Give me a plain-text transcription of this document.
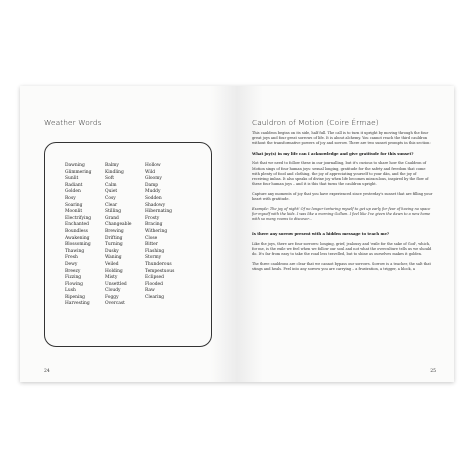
Weather Words
Dawning
Glimmering
Sunlit
Radiant
Golden
Rosy
Soaring
Moonlit
Electrifying
Enchanted
Boundless
Awakening
Blossoming
Thawing
Fresh
Dewy
Breezy
Fizzing
Flowing
Lush
Ripening
Harvesting
Balmy
Kindling
Soft
Calm
Quiet
Cosy
Clear
Stilling
Grand
Changeable
Brewing
Drifting
Turning
Dusky
Waning
Veiled
Holding
Misty
Unsettled
Cloudy
Foggy
Overcast
Hollow
Wild
Gloomy
Damp
Muddy
Sodden
Shadowy
Hibernating
Frosty
Bracing
Withering
Close
Bitter
Flashing
Stormy
Thunderous
Tempestuous
Eclipsed
Flooded
Raw
Clearing
24
Cauldron of Motion (Coire Érmae)

This cauldron begins on its side, half full. The call is to turn it upright by moving through the four great joys and four great sorrows of life. It is about alchemy. You cannot reach the third cauldron without the transformative powers of joy and sorrow. There are two sunset prompts in this section:

What joy(s) in my life can I acknowledge and give gratitude for this sunset?

Not that we need to follow these in our journalling, but it's curious to share how the Cauldron of Motion sings of four human joys: sexual longing, gratitude for the safety and freedom that come with plenty of food and clothing, the joy of appreciating yourself to your dān, and the joy of receiving imbas. It also speaks of divine joy when life becomes miraculous, inspired by the flow of these four human joys – and it is this that turns the cauldron upright.

Capture any moments of joy that you have experienced since yesterday's sunset that are filling your heart with gratitude.

Example: The joy of night! Of no longer torturing myself to get up early for fear of having no space for myself with the kids. I was like a morning Gollum. I feel like I've given the dawn to a new home with so many rooms to discover...

Is there any sorrow present with a hidden message to teach me?

Like the joys, there are four sorrows: longing, grief, jealousy and 'exile for the sake of God', which, for me, is the exile we feel when we follow our soul and not what the overculture tells us we should do. It's far from easy to take the road less travelled, but to shine as ourselves makes it golden.

The three cauldrons are clear that we cannot bypass our sorrows. Sorrow is a teacher, the salt that stings and heals. Feel into any sorrow you are carrying – a frustration, a trigger, a block, a

25
